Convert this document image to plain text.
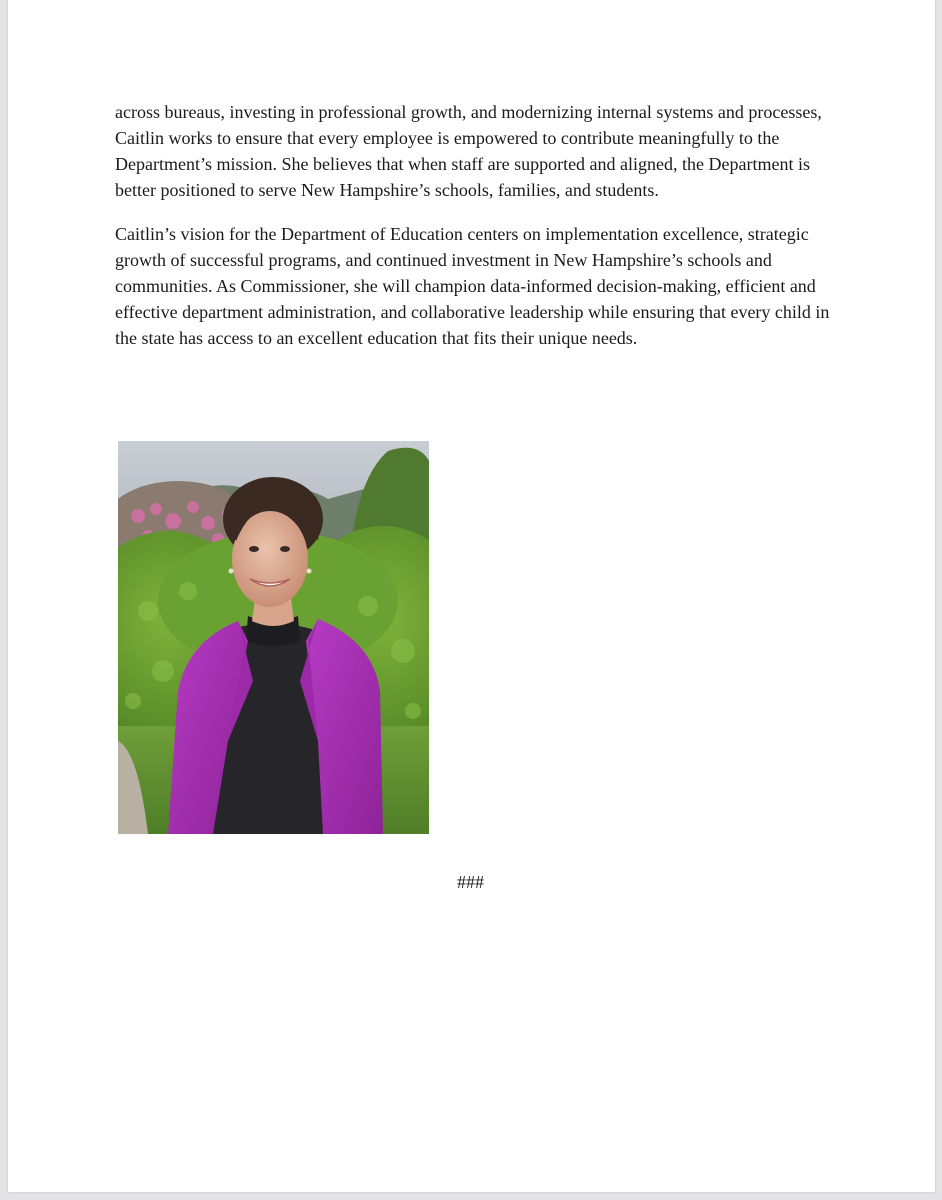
across bureaus, investing in professional growth, and modernizing internal systems and processes, Caitlin works to ensure that every employee is empowered to contribute meaningfully to the Department’s mission. She believes that when staff are supported and aligned, the Department is better positioned to serve New Hampshire’s schools, families, and students.

Caitlin’s vision for the Department of Education centers on implementation excellence, strategic growth of successful programs, and continued investment in New Hampshire’s schools and communities. As Commissioner, she will champion data-informed decision-making, efficient and effective department administration, and collaborative leadership while ensuring that every child in the state has access to an excellent education that fits their unique needs.

###
